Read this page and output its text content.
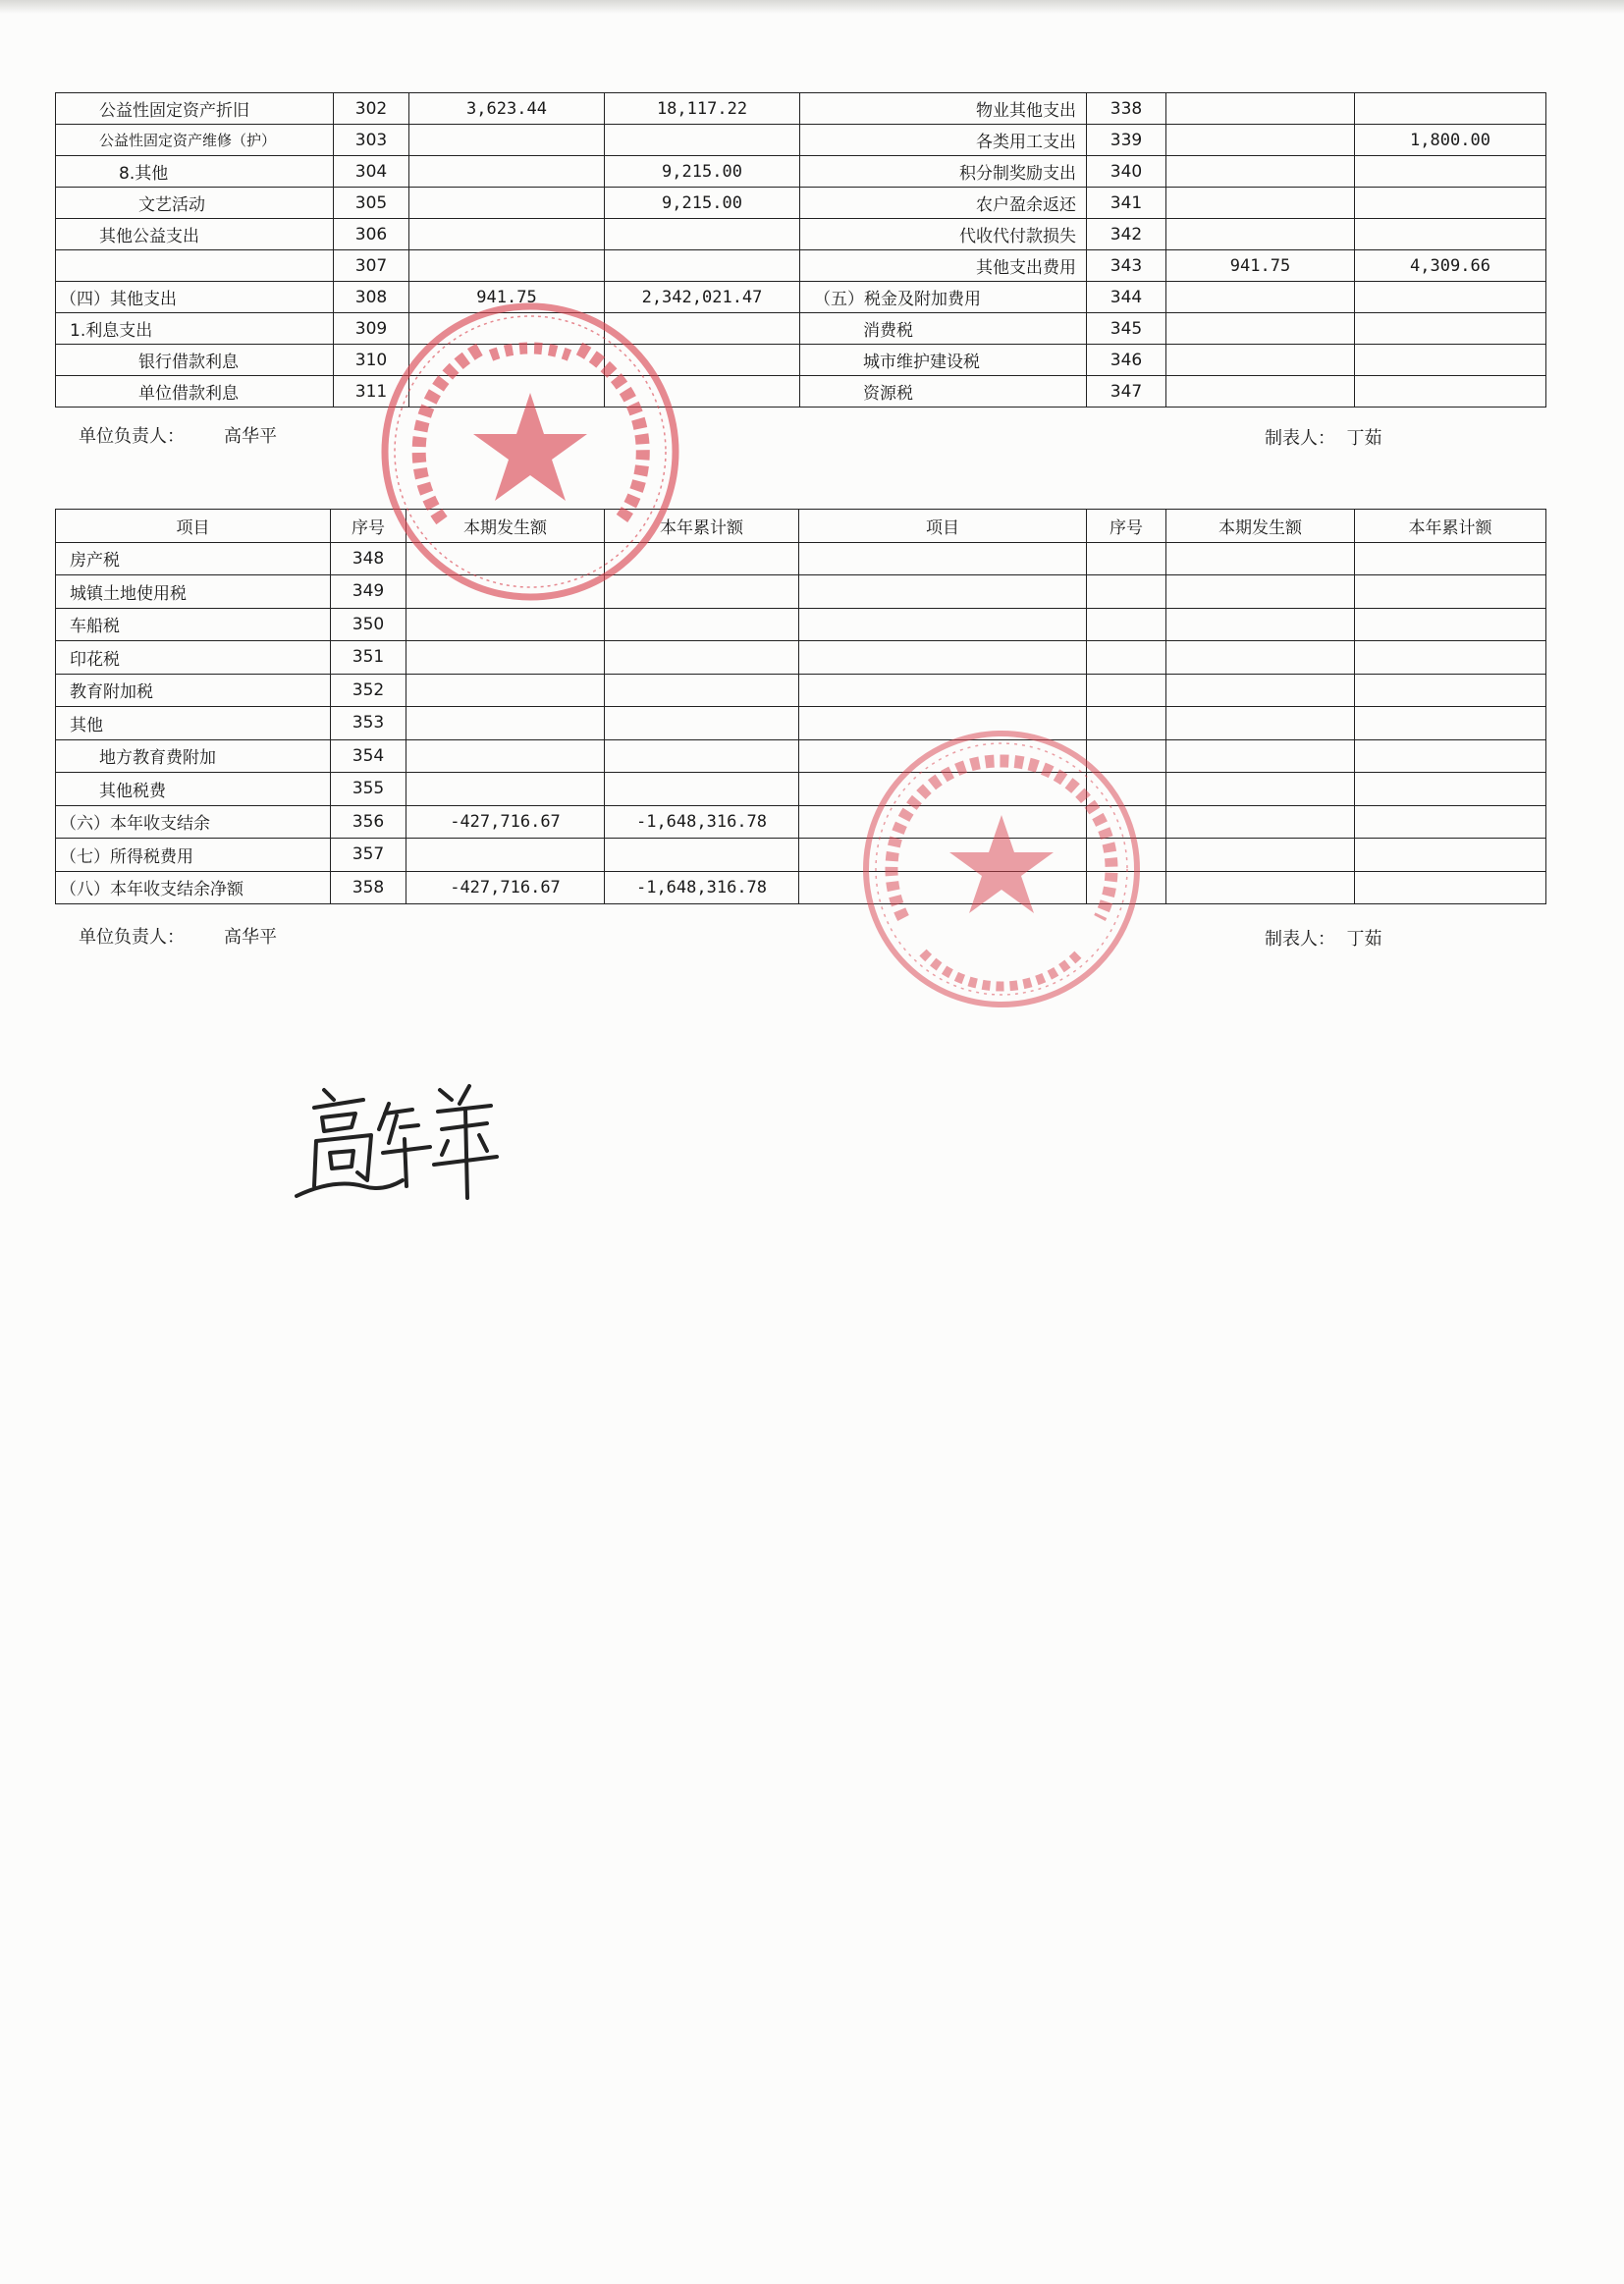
公益性固定资产折旧	302	3,623.44	18,117.22	物业其他支出	338		
公益性固定资产维修（护）	303			各类用工支出	339		1,800.00
8.其他	304		9,215.00	积分制奖励支出	340		
文艺活动	305		9,215.00	农户盈余返还	341		
其他公益支出	306			代收代付款损失	342		
	307			其他支出费用	343	941.75	4,309.66
（四）其他支出	308	941.75	2,342,021.47	（五）税金及附加费用	344		
1.利息支出	309			消费税	345		
银行借款利息	310			城市维护建设税	346		
单位借款利息	311			资源税	347		
单位负责人： 高华平	制表人： 丁茹
项目	序号	本期发生额	本年累计额	项目	序号	本期发生额	本年累计额
房产税	348						
城镇土地使用税	349						
车船税	350						
印花税	351						
教育附加税	352						
其他	353						
地方教育费附加	354						
其他税费	355						
（六）本年收支结余	356	-427,716.67	-1,648,316.78				
（七）所得税费用	357						
（八）本年收支结余净额	358	-427,716.67	-1,648,316.78				
单位负责人： 高华平	制表人： 丁茹
